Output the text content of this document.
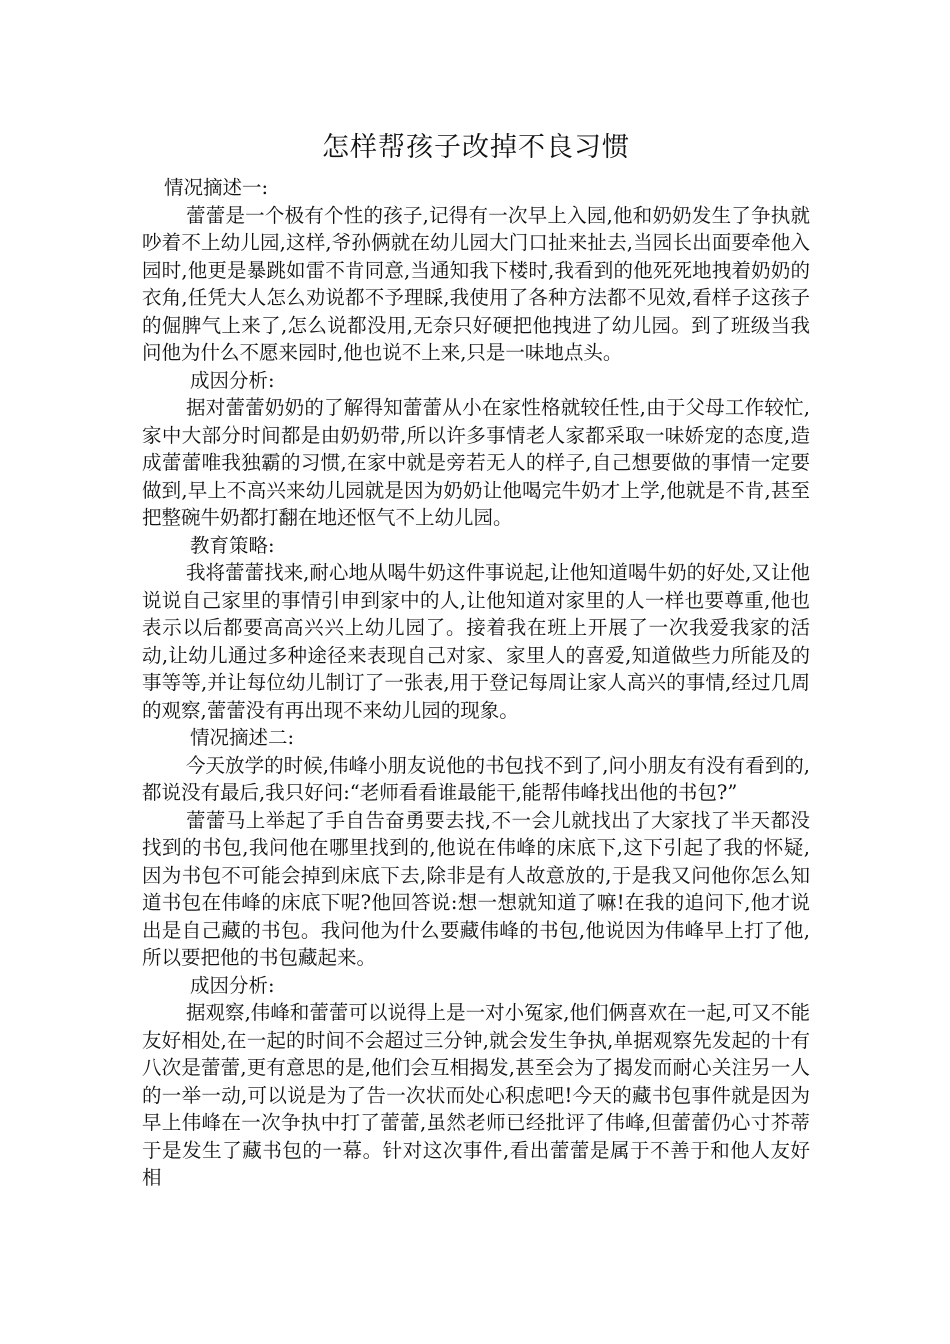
怎样帮孩子改掉不良习惯

情况摘述一:

蕾蕾是一个极有个性的孩子,记得有一次早上入园,他和奶奶发生了争执就吵着不上幼儿园,这样,爷孙俩就在幼儿园大门口扯来扯去,当园长出面要牵他入园时,他更是暴跳如雷不肯同意,当通知我下楼时,我看到的他死死地拽着奶奶的衣角,任凭大人怎么劝说都不予理睬,我使用了各种方法都不见效,看样子这孩子的倔脾气上来了,怎么说都没用,无奈只好硬把他拽进了幼儿园。到了班级当我问他为什么不愿来园时,他也说不上来,只是一味地点头。

成因分析:

据对蕾蕾奶奶的了解得知蕾蕾从小在家性格就较任性,由于父母工作较忙,家中大部分时间都是由奶奶带,所以许多事情老人家都采取一味娇宠的态度,造成蕾蕾唯我独霸的习惯,在家中就是旁若无人的样子,自己想要做的事情一定要做到,早上不高兴来幼儿园就是因为奶奶让他喝完牛奶才上学,他就是不肯,甚至把整碗牛奶都打翻在地还怄气不上幼儿园。

教育策略:

我将蕾蕾找来,耐心地从喝牛奶这件事说起,让他知道喝牛奶的好处,又让他说说自己家里的事情引申到家中的人,让他知道对家里的人一样也要尊重,他也表示以后都要高高兴兴上幼儿园了。接着我在班上开展了一次我爱我家的活动,让幼儿通过多种途径来表现自己对家、家里人的喜爱,知道做些力所能及的事等等,并让每位幼儿制订了一张表,用于登记每周让家人高兴的事情,经过几周的观察,蕾蕾没有再出现不来幼儿园的现象。

情况摘述二:

今天放学的时候,伟峰小朋友说他的书包找不到了,问小朋友有没有看到的,都说没有最后,我只好问:“老师看看谁最能干,能帮伟峰找出他的书包?”

蕾蕾马上举起了手自告奋勇要去找,不一会儿就找出了大家找了半天都没找到的书包,我问他在哪里找到的,他说在伟峰的床底下,这下引起了我的怀疑,因为书包不可能会掉到床底下去,除非是有人故意放的,于是我又问他你怎么知道书包在伟峰的床底下呢?他回答说:想一想就知道了嘛!在我的追问下,他才说出是自己藏的书包。我问他为什么要藏伟峰的书包,他说因为伟峰早上打了他,所以要把他的书包藏起来。

成因分析:

据观察,伟峰和蕾蕾可以说得上是一对小冤家,他们俩喜欢在一起,可又不能友好相处,在一起的时间不会超过三分钟,就会发生争执,单据观察先发起的十有八次是蕾蕾,更有意思的是,他们会互相揭发,甚至会为了揭发而耐心关注另一人的一举一动,可以说是为了告一次状而处心积虑吧!今天的藏书包事件就是因为早上伟峰在一次争执中打了蕾蕾,虽然老师已经批评了伟峰,但蕾蕾仍心寸芥蒂于是发生了藏书包的一幕。针对这次事件,看出蕾蕾是属于不善于和他人友好相
